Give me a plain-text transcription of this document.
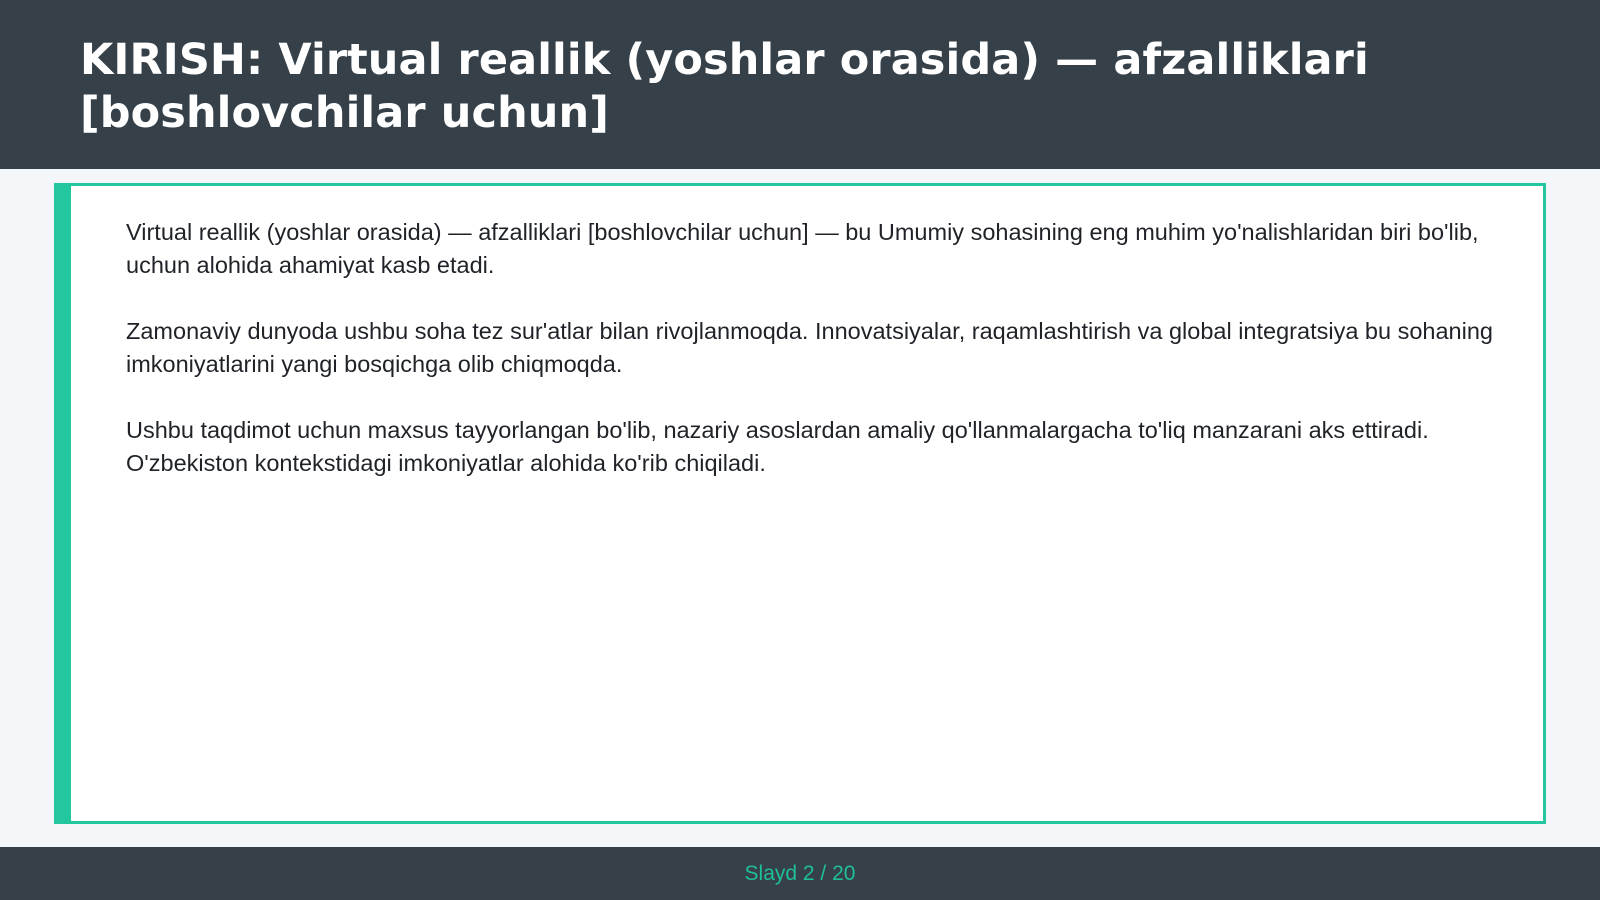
KIRISH: Virtual reallik (yoshlar orasida) — afzalliklari [boshlovchilar uchun]

Virtual reallik (yoshlar orasida) — afzalliklari [boshlovchilar uchun] — bu Umumiy sohasining eng muhim yo'nalishlaridan biri bo'lib, uchun alohida ahamiyat kasb etadi.

Zamonaviy dunyoda ushbu soha tez sur'atlar bilan rivojlanmoqda. Innovatsiyalar, raqamlashtirish va global integratsiya bu sohaning imkoniyatlarini yangi bosqichga olib chiqmoqda.

Ushbu taqdimot uchun maxsus tayyorlangan bo'lib, nazariy asoslardan amaliy qo'llanmalargacha to'liq manzarani aks ettiradi. O'zbekiston kontekstidagi imkoniyatlar alohida ko'rib chiqiladi.

Slayd 2 / 20
